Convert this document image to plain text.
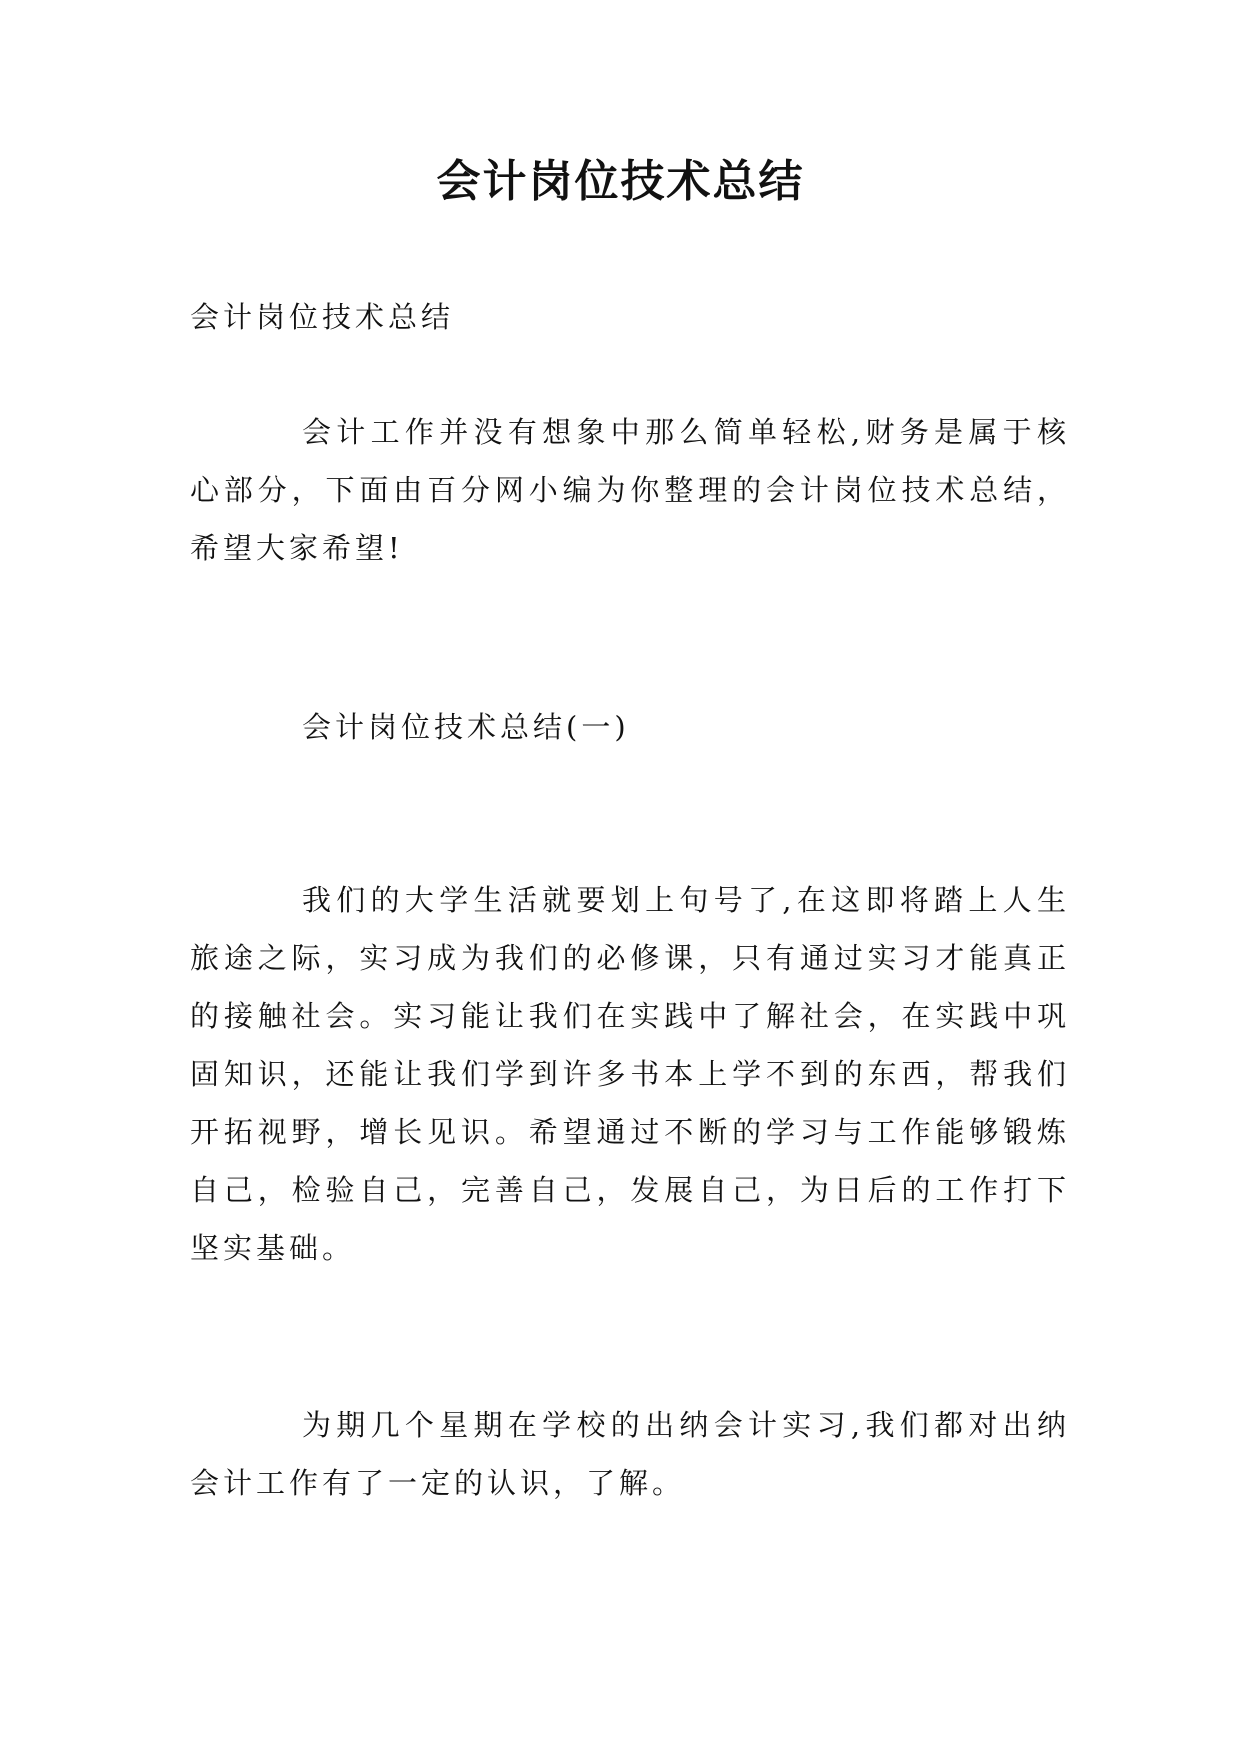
会计岗位技术总结

会计岗位技术总结

会计工作并没有想象中那么简单轻松,财务是属于核心部分，下面由百分网小编为你整理的会计岗位技术总结，希望大家希望!

会计岗位技术总结(一)

我们的大学生活就要划上句号了,在这即将踏上人生旅途之际，实习成为我们的必修课，只有通过实习才能真正的接触社会。实习能让我们在实践中了解社会，在实践中巩固知识，还能让我们学到许多书本上学不到的东西，帮我们开拓视野，增长见识。希望通过不断的学习与工作能够锻炼自己，检验自己，完善自己，发展自己，为日后的工作打下坚实基础。

为期几个星期在学校的出纳会计实习,我们都对出纳会计工作有了一定的认识，了解。
